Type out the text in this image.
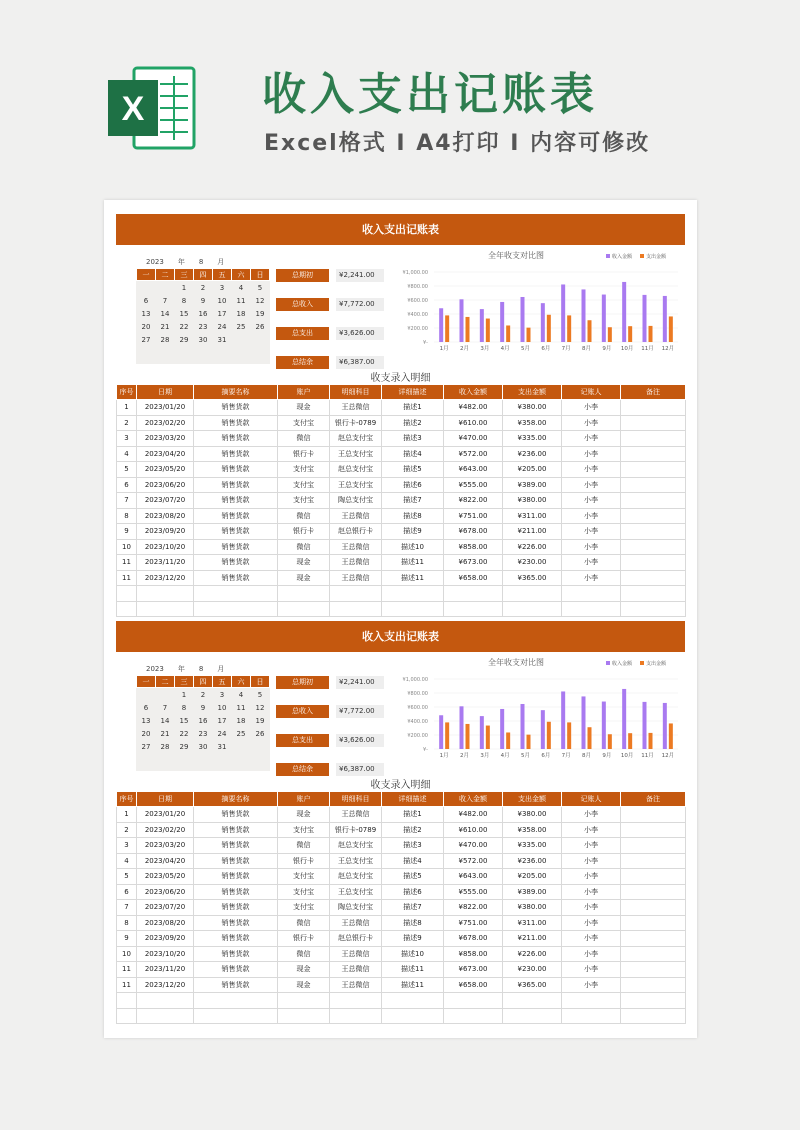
X	收入支出记账表
Excel格式 I A4打印 I 内容可修改
收入支出记账表
2023 年 8 月
一	二	三	四	五	六	日
		1	2	3	4	5
6	7	8	9	10	11	12
13	14	15	16	17	18	19
20	21	22	23	24	25	26
27	28	29	30	31		
总期初	¥2,241.00
总收入	¥7,772.00
总支出	¥3,626.00
总结余	¥6,387.00
全年收支对比图	收入金额	支出金额
¥-
¥200.00
¥400.00
¥600.00
¥800.00
¥1,000.00
1月 2月 3月 4月 5月 6月 7月 8月 9月 10月 11月 12月
收支录入明细
序号	日期	摘要名称	账户	明细科目	详细描述	收入金额	支出金额	记账人	备注
1	2023/01/20	销售货款	现金	王总微信	描述1	¥482.00	¥380.00	小李	
2	2023/02/20	销售货款	支付宝	银行卡-0789	描述2	¥610.00	¥358.00	小李	
3	2023/03/20	销售货款	微信	赵总支付宝	描述3	¥470.00	¥335.00	小李	
4	2023/04/20	销售货款	银行卡	王总支付宝	描述4	¥572.00	¥236.00	小李	
5	2023/05/20	销售货款	支付宝	赵总支付宝	描述5	¥643.00	¥205.00	小李	
6	2023/06/20	销售货款	支付宝	王总支付宝	描述6	¥555.00	¥389.00	小李	
7	2023/07/20	销售货款	支付宝	陶总支付宝	描述7	¥822.00	¥380.00	小李	
8	2023/08/20	销售货款	微信	王总微信	描述8	¥751.00	¥311.00	小李	
9	2023/09/20	销售货款	银行卡	赵总银行卡	描述9	¥678.00	¥211.00	小李	
10	2023/10/20	销售货款	微信	王总微信	描述10	¥858.00	¥226.00	小李	
11	2023/11/20	销售货款	现金	王总微信	描述11	¥673.00	¥230.00	小李	
11	2023/12/20	销售货款	现金	王总微信	描述11	¥658.00	¥365.00	小李	

收入支出记账表
2023 年 8 月
一	二	三	四	五	六	日
		1	2	3	4	5
6	7	8	9	10	11	12
13	14	15	16	17	18	19
20	21	22	23	24	25	26
27	28	29	30	31		
总期初	¥2,241.00
总收入	¥7,772.00
总支出	¥3,626.00
总结余	¥6,387.00
全年收支对比图	收入金额	支出金额
¥-
¥200.00
¥400.00
¥600.00
¥800.00
¥1,000.00
1月 2月 3月 4月 5月 6月 7月 8月 9月 10月 11月 12月
收支录入明细
序号	日期	摘要名称	账户	明细科目	详细描述	收入金额	支出金额	记账人	备注
1	2023/01/20	销售货款	现金	王总微信	描述1	¥482.00	¥380.00	小李	
2	2023/02/20	销售货款	支付宝	银行卡-0789	描述2	¥610.00	¥358.00	小李	
3	2023/03/20	销售货款	微信	赵总支付宝	描述3	¥470.00	¥335.00	小李	
4	2023/04/20	销售货款	银行卡	王总支付宝	描述4	¥572.00	¥236.00	小李	
5	2023/05/20	销售货款	支付宝	赵总支付宝	描述5	¥643.00	¥205.00	小李	
6	2023/06/20	销售货款	支付宝	王总支付宝	描述6	¥555.00	¥389.00	小李	
7	2023/07/20	销售货款	支付宝	陶总支付宝	描述7	¥822.00	¥380.00	小李	
8	2023/08/20	销售货款	微信	王总微信	描述8	¥751.00	¥311.00	小李	
9	2023/09/20	销售货款	银行卡	赵总银行卡	描述9	¥678.00	¥211.00	小李	
10	2023/10/20	销售货款	微信	王总微信	描述10	¥858.00	¥226.00	小李	
11	2023/11/20	销售货款	现金	王总微信	描述11	¥673.00	¥230.00	小李	
11	2023/12/20	销售货款	现金	王总微信	描述11	¥658.00	¥365.00	小李	
